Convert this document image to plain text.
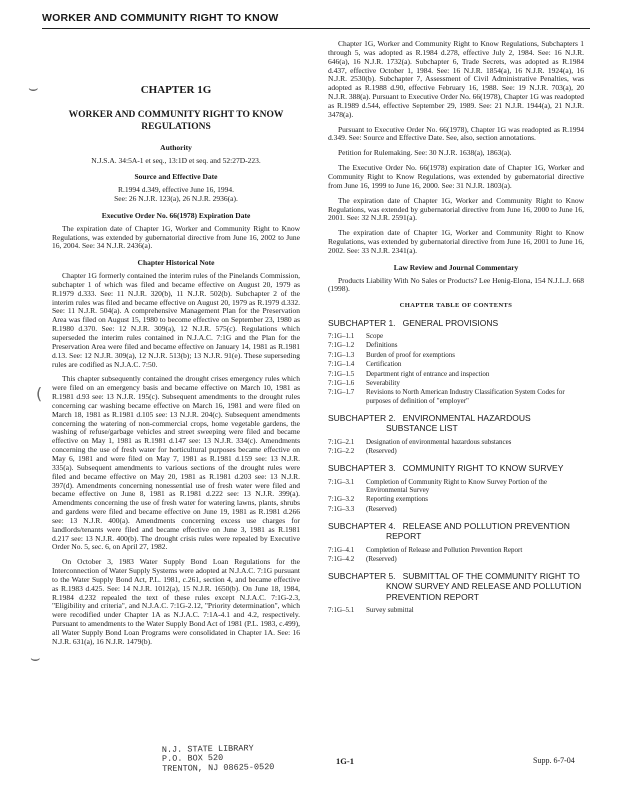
WORKER AND COMMUNITY RIGHT TO KNOW
⌣
(
⌣
CHAPTER 1G
WORKER AND COMMUNITY RIGHT TO KNOW REGULATIONS
Authority

N.J.S.A. 34:5A-1 et seq., 13:1D et seq. and 52:27D-223.

Source and Effective Date
R.1994 d.349, effective June 16, 1994.

See: 26 N.J.R. 123(a), 26 N.J.R. 2936(a).

Executive Order No. 66(1978) Expiration Date

The expiration date of Chapter 1G, Worker and Community Right to Know Regulations, was extended by gubernatorial directive from June 16, 2002 to June 16, 2004. See: 34 N.J.R. 2436(a).

Chapter Historical Note

Chapter 1G formerly contained the interim rules of the Pinelands Commission, subchapter 1 of which was filed and became effective on August 20, 1979 as R.1979 d.333. See: 11 N.J.R. 320(b), 11 N.J.R. 502(b). Subchapter 2 of the interim rules was filed and became effective on August 20, 1979 as R.1979 d.332. See: 11 N.J.R. 504(a). A comprehensive Management Plan for the Preservation Area was filed on August 15, 1980 to become effective on September 23, 1980 as R.1980 d.370. See: 12 N.J.R. 309(a), 12 N.J.R. 575(c). Regulations which superseded the interim rules contained in N.J.A.C. 7:1G and the Plan for the Preservation Area were filed and became effective on January 14, 1981 as R.1981 d.13. See: 12 N.J.R. 309(a), 12 N.J.R. 513(b); 13 N.J.R. 91(e). These superseding rules are codified as N.J.A.C. 7:50.

This chapter subsequently contained the drought crises emergency rules which were filed on an emergency basis and became effective on March 10, 1981 as R.1981 d.93 see: 13 N.J.R. 195(c). Subsequent amendments to the drought rules concerning car washing became effective on March 16, 1981 and were filed on March 18, 1981 as R.1981 d.105 see: 13 N.J.R. 204(c). Subsequent amendments concerning the watering of non-commercial crops, home vegetable gardens, the washing of refuse/garbage vehicles and street sweeping were filed and became effective on May 1, 1981 as R.1981 d.147 see: 13 N.J.R. 334(c). Amendments concerning the use of fresh water for horticultural purposes became effective on May 6, 1981 and were filed on May 7, 1981 as R.1981 d.159 see: 13 N.J.R. 335(a). Subsequent amendments to various sections of the drought rules were filed and became effective on May 20, 1981 as R.1981 d.203 see: 13 N.J.R. 397(d). Amendments concerning nonessential use of fresh water were filed and became effective on June 8, 1981 as R.1981 d.222 see: 13 N.J.R. 399(a). Amendments concerning the use of fresh water for watering lawns, plants, shrubs and gardens were filed and became effective on June 19, 1981 as R.1981 d.266 see: 13 N.J.R. 400(a). Amendments concerning excess use charges for landlords/tenants were filed and became effective on June 3, 1981 as R.1981 d.217 see: 13 N.J.R. 400(b). The drought crisis rules were repealed by Executive Order No. 5, sec. 6, on April 27, 1982.

On October 3, 1983 Water Supply Bond Loan Regulations for the Interconnection of Water Supply Systems were adopted at N.J.A.C. 7:1G pursuant to the Water Supply Bond Act, P.L. 1981, c.261, section 4, and became effective as R.1983 d.425. See: 14 N.J.R. 1012(a), 15 N.J.R. 1650(b). On June 18, 1984, R.1984 d.232 repealed the text of these rules except N.J.A.C. 7:1G-2.3, "Eligibility and criteria", and N.J.A.C. 7:1G-2.12, "Priority determination", which were recodified under Chapter 1A as N.J.A.C. 7:1A-4.1 and 4.2, respectively. Pursuant to amendments to the Water Supply Bond Act of 1981 (P.L. 1983, c.499), all Water Supply Bond Loan Programs were consolidated in Chapter 1A. See: 16 N.J.R. 631(a), 16 N.J.R. 1479(b).

Chapter 1G, Worker and Community Right to Know Regulations, Subchapters 1 through 5, was adopted as R.1984 d.278, effective July 2, 1984. See: 16 N.J.R. 646(a), 16 N.J.R. 1732(a). Subchapter 6, Trade Secrets, was adopted as R.1984 d.437, effective October 1, 1984. See: 16 N.J.R. 1854(a), 16 N.J.R. 1924(a), 16 N.J.R. 2530(b). Subchapter 7, Assessment of Civil Administrative Penalties, was adopted as R.1988 d.90, effective February 16, 1988. See: 19 N.J.R. 703(a), 20 N.J.R. 388(a). Pursuant to Executive Order No. 66(1978), Chapter 1G was readopted as R.1989 d.544, effective September 29, 1989. See: 21 N.J.R. 1944(a), 21 N.J.R. 3478(a).

Pursuant to Executive Order No. 66(1978), Chapter 1G was readopted as R.1994 d.349. See: Source and Effective Date. See, also, section annotations.

Petition for Rulemaking. See: 30 N.J.R. 1638(a), 1863(a).

The Executive Order No. 66(1978) expiration date of Chapter 1G, Worker and Community Right to Know Regulations, was extended by gubernatorial directive from June 16, 1999 to June 16, 2000. See: 31 N.J.R. 1803(a).

The expiration date of Chapter 1G, Worker and Community Right to Know Regulations, was extended by gubernatorial directive from June 16, 2000 to June 16, 2001. See: 32 N.J.R. 2591(a).

The expiration date of Chapter 1G, Worker and Community Right to Know Regulations, was extended by gubernatorial directive from June 16, 2001 to June 16, 2002. See: 33 N.J.R. 2341(a).

Law Review and Journal Commentary

Products Liability With No Sales or Products? Lee Henig-Elona, 154 N.J.L.J. 668 (1998).

CHAPTER TABLE OF CONTENTS
SUBCHAPTER 1. GENERAL PROVISIONS
7:1G–1.1	Scope
7:1G–1.2	Definitions
7:1G–1.3	Burden of proof for exemptions
7:1G–1.4	Certification
7:1G–1.5	Department right of entrance and inspection
7:1G–1.6	Severability
7:1G–1.7	Revisions to North American Industry Classification System Codes for purposes of definition of "employer"
SUBCHAPTER 2. ENVIRONMENTAL HAZARDOUS SUBSTANCE LIST
7:1G–2.1	Designation of environmental hazardous substances
7:1G–2.2	(Reserved)
SUBCHAPTER 3. COMMUNITY RIGHT TO KNOW SURVEY
7:1G–3.1	Completion of Community Right to Know Survey Portion of the Environmental Survey
7:1G–3.2	Reporting exemptions
7:1G–3.3	(Reserved)
SUBCHAPTER 4. RELEASE AND POLLUTION PREVENTION REPORT
7:1G–4.1	Completion of Release and Pollution Prevention Report
7:1G–4.2	(Reserved)
SUBCHAPTER 5. SUBMITTAL OF THE COMMUNITY RIGHT TO KNOW SURVEY AND RELEASE AND POLLUTION PREVENTION REPORT
7:1G–5.1	Survey submittal
N.J. STATE LIBRARY
P.O. BOX 520
TRENTON, NJ 08625-0520
1G-1	Supp. 6-7-04
